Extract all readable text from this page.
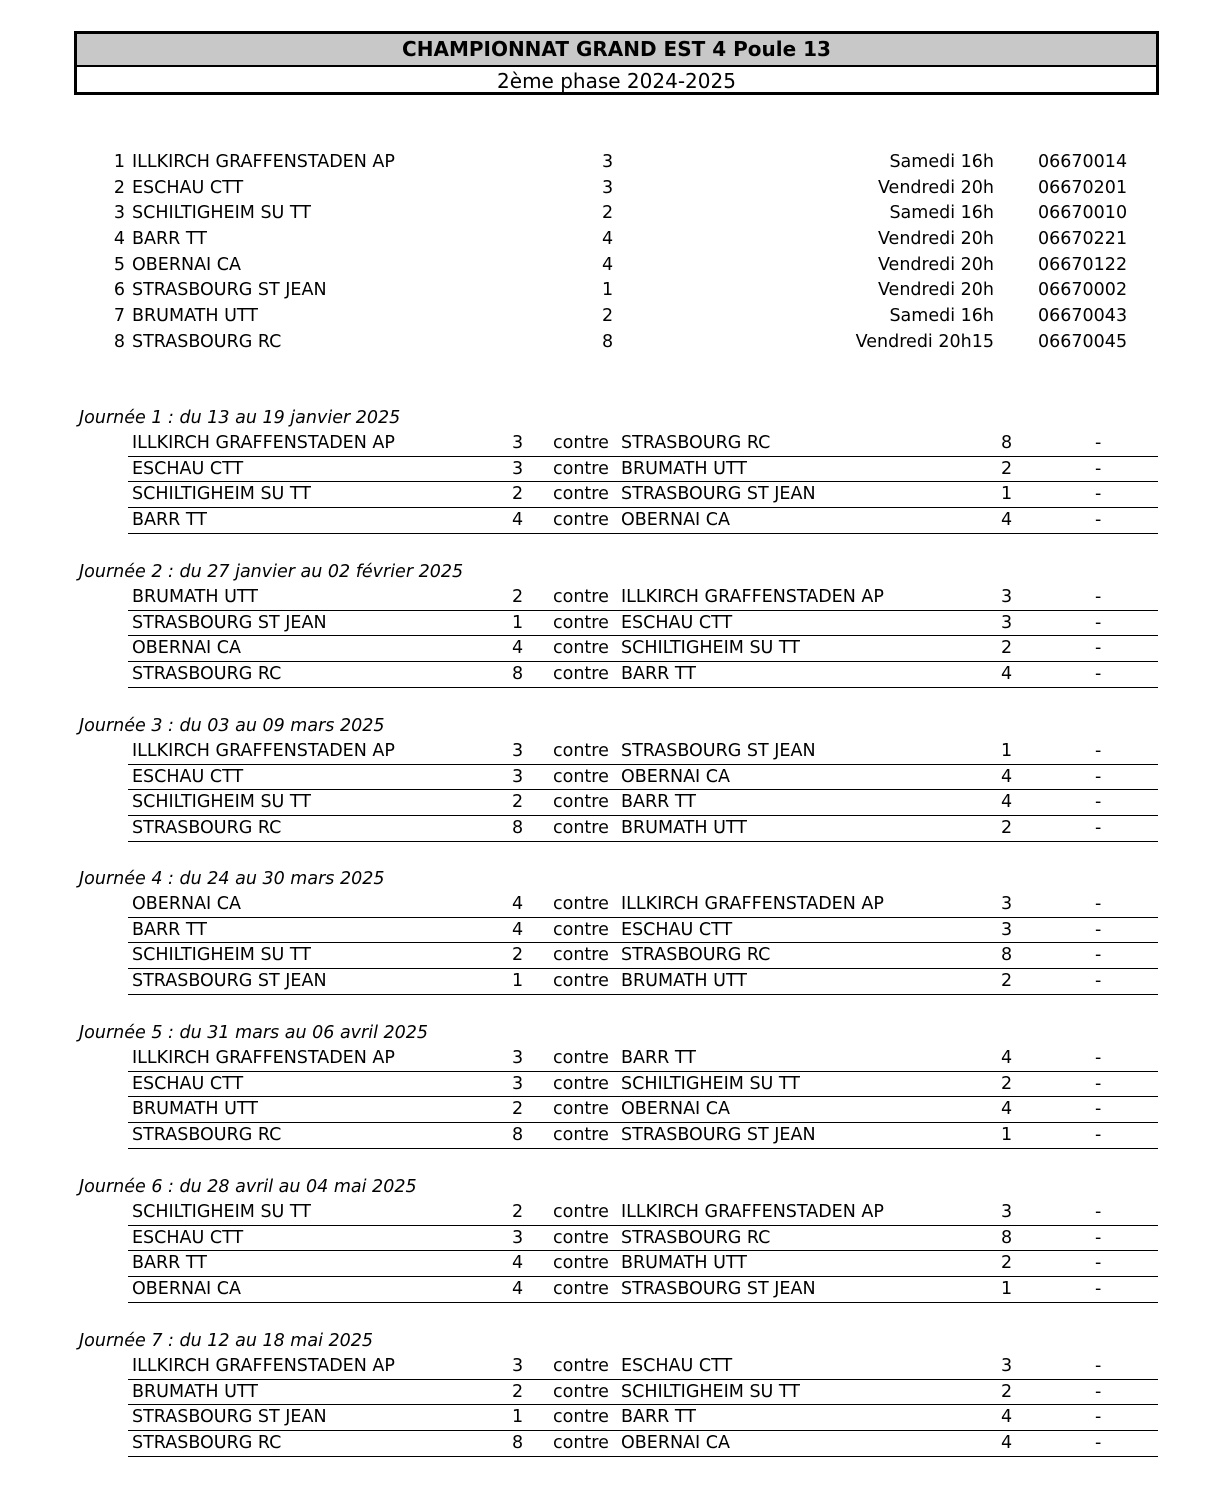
CHAMPIONNAT GRAND EST 4 Poule 13
2ème phase 2024-2025
1 ILLKIRCH GRAFFENSTADEN AP	3	Samedi 16h	06670014
2 ESCHAU CTT	3	Vendredi 20h	06670201
3 SCHILTIGHEIM SU TT	2	Samedi 16h	06670010
4 BARR TT	4	Vendredi 20h	06670221
5 OBERNAI CA	4	Vendredi 20h	06670122
6 STRASBOURG ST JEAN	1	Vendredi 20h	06670002
7 BRUMATH UTT	2	Samedi 16h	06670043
8 STRASBOURG RC	8	Vendredi 20h15	06670045
Journée 1 : du 13 au 19 janvier 2025
ILLKIRCH GRAFFENSTADEN AP	3 contre STRASBOURG RC	8	-
ESCHAU CTT	3 contre BRUMATH UTT	2	-
SCHILTIGHEIM SU TT	2 contre STRASBOURG ST JEAN	1	-
BARR TT	4 contre OBERNAI CA	4	-
Journée 2 : du 27 janvier au 02 février 2025
BRUMATH UTT	2 contre ILLKIRCH GRAFFENSTADEN AP	3	-
STRASBOURG ST JEAN	1 contre ESCHAU CTT	3	-
OBERNAI CA	4 contre SCHILTIGHEIM SU TT	2	-
STRASBOURG RC	8 contre BARR TT	4	-
Journée 3 : du 03 au 09 mars 2025
ILLKIRCH GRAFFENSTADEN AP	3 contre STRASBOURG ST JEAN	1	-
ESCHAU CTT	3 contre OBERNAI CA	4	-
SCHILTIGHEIM SU TT	2 contre BARR TT	4	-
STRASBOURG RC	8 contre BRUMATH UTT	2	-
Journée 4 : du 24 au 30 mars 2025
OBERNAI CA	4 contre ILLKIRCH GRAFFENSTADEN AP	3	-
BARR TT	4 contre ESCHAU CTT	3	-
SCHILTIGHEIM SU TT	2 contre STRASBOURG RC	8	-
STRASBOURG ST JEAN	1 contre BRUMATH UTT	2	-
Journée 5 : du 31 mars au 06 avril 2025
ILLKIRCH GRAFFENSTADEN AP	3 contre BARR TT	4	-
ESCHAU CTT	3 contre SCHILTIGHEIM SU TT	2	-
BRUMATH UTT	2 contre OBERNAI CA	4	-
STRASBOURG RC	8 contre STRASBOURG ST JEAN	1	-
Journée 6 : du 28 avril au 04 mai 2025
SCHILTIGHEIM SU TT	2 contre ILLKIRCH GRAFFENSTADEN AP	3	-
ESCHAU CTT	3 contre STRASBOURG RC	8	-
BARR TT	4 contre BRUMATH UTT	2	-
OBERNAI CA	4 contre STRASBOURG ST JEAN	1	-
Journée 7 : du 12 au 18 mai 2025
ILLKIRCH GRAFFENSTADEN AP	3 contre ESCHAU CTT	3	-
BRUMATH UTT	2 contre SCHILTIGHEIM SU TT	2	-
STRASBOURG ST JEAN	1 contre BARR TT	4	-
STRASBOURG RC	8 contre OBERNAI CA	4	-
